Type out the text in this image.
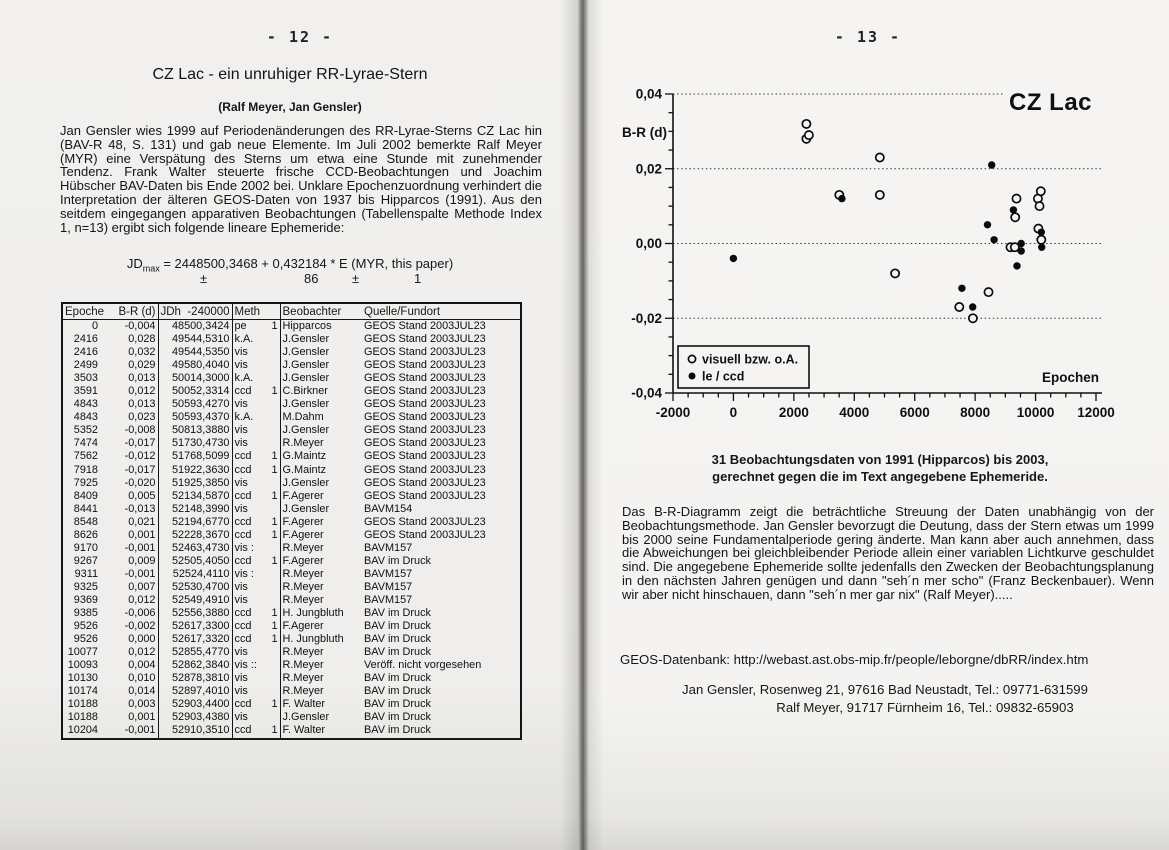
- 12 -
CZ Lac - ein unruhiger RR-Lyrae-Stern
(Ralf Meyer, Jan Gensler)
Jan Gensler wies 1999 auf Periodenänderungen des RR-Lyrae-Sterns CZ Lac hin (BAV-R 48, S. 131) und gab neue Elemente. Im Juli 2002 bemerkte Ralf Meyer (MYR) eine Verspätung des Sterns um etwa eine Stunde mit zunehmender Tendenz. Frank Walter steuerte frische CCD-Beobachtungen und Joachim Hübscher BAV-Daten bis Ende 2002 bei. Unklare Epochenzuordnung verhindert die Interpretation der älteren GEOS-Daten von 1937 bis Hipparcos (1991). Aus den seitdem eingegangen apparativen Beobachtungen (Tabellenspalte Methode Index 1, n=13) ergibt sich folgende lineare Ephemeride:
$JD_{max} = 2448500,3468 + 0,432184 * E$ (MYR, this paper)
±	86	±	1
Epoche	B-R (d)	JDh  -240000	Meth		Beobachter	Quelle/Fundort
0	-0,004	48500,3424	pe	1	Hipparcos	GEOS Stand 2003JUL23
2416	0,028	49544,5310	k.A.		J.Gensler	GEOS Stand 2003JUL23
2416	0,032	49544,5350	vis		J.Gensler	GEOS Stand 2003JUL23
2499	0,029	49580,4040	vis		J.Gensler	GEOS Stand 2003JUL23
3503	0,013	50014,3000	k.A.		J.Gensler	GEOS Stand 2003JUL23
3591	0,012	50052,3314	ccd	1	C.Birkner	GEOS Stand 2003JUL23
4843	0,013	50593,4270	vis		J.Gensler	GEOS Stand 2003JUL23
4843	0,023	50593,4370	k.A.		M.Dahm	GEOS Stand 2003JUL23
5352	-0,008	50813,3880	vis		J.Gensler	GEOS Stand 2003JUL23
7474	-0,017	51730,4730	vis		R.Meyer	GEOS Stand 2003JUL23
7562	-0,012	51768,5099	ccd	1	G.Maintz	GEOS Stand 2003JUL23
7918	-0,017	51922,3630	ccd	1	G.Maintz	GEOS Stand 2003JUL23
7925	-0,020	51925,3850	vis		J.Gensler	GEOS Stand 2003JUL23
8409	0,005	52134,5870	ccd	1	F.Agerer	GEOS Stand 2003JUL23
8441	-0,013	52148,3990	vis		J.Gensler	BAVM154
8548	0,021	52194,6770	ccd	1	F.Agerer	GEOS Stand 2003JUL23
8626	0,001	52228,3670	ccd	1	F.Agerer	GEOS Stand 2003JUL23
9170	-0,001	52463,4730	vis :		R.Meyer	BAVM157
9267	0,009	52505,4050	ccd	1	F.Agerer	BAV im Druck
9311	-0,001	52524,4110	vis :		R.Meyer	BAVM157
9325	0,007	52530,4700	vis		R.Meyer	BAVM157
9369	0,012	52549,4910	vis		R.Meyer	BAVM157
9385	-0,006	52556,3880	ccd	1	H. Jungbluth	BAV im Druck
9526	-0,002	52617,3300	ccd	1	F.Agerer	BAV im Druck
9526	0,000	52617,3320	ccd	1	H. Jungbluth	BAV im Druck
10077	0,012	52855,4770	vis		R.Meyer	BAV im Druck
10093	0,004	52862,3840	vis ::		R.Meyer	Veröff. nicht vorgesehen
10130	0,010	52878,3810	vis		R.Meyer	BAV im Druck
10174	0,014	52897,4010	vis		R.Meyer	BAV im Druck
10188	0,003	52903,4400	ccd	1	F. Walter	BAV im Druck
10188	0,001	52903,4380	vis		J.Gensler	BAV im Druck
10204	-0,001	52910,3510	ccd	1	F. Walter	BAV im Druck
- 13 -
0,04
0,02
0,00
-0,02
-0,04
-2000	0	2000 4000 6000 8000 10000 12000
B-R (d)
Epochen
CZ Lac
visuell bzw. o.A.
le / ccd
31 Beobachtungsdaten von 1991 (Hipparcos) bis 2003,
gerechnet gegen die im Text angegebene Ephemeride.
Das B-R-Diagramm zeigt die beträchtliche Streuung der Daten unabhängig von der Beobachtungsmethode. Jan Gensler bevorzugt die Deutung, dass der Stern etwas um 1999 bis 2000 seine Fundamentalperiode gering änderte. Man kann aber auch annehmen, dass die Abweichungen bei gleichbleibender Periode allein einer variablen Lichtkurve geschuldet sind. Die angegebene Ephemeride sollte jedenfalls den Zwecken der Beobachtungsplanung in den nächsten Jahren genügen und dann "seh´n mer scho" (Franz Beckenbauer). Wenn wir aber nicht hinschauen, dann "seh´n mer gar nix" (Ralf Meyer).....
GEOS-Datenbank: http://webast.ast.obs-mip.fr/people/leborgne/dbRR/index.htm
Jan Gensler, Rosenweg 21, 97616 Bad Neustadt, Tel.: 09771-631599
Ralf Meyer, 91717 Fürnheim 16, Tel.: 09832-65903
